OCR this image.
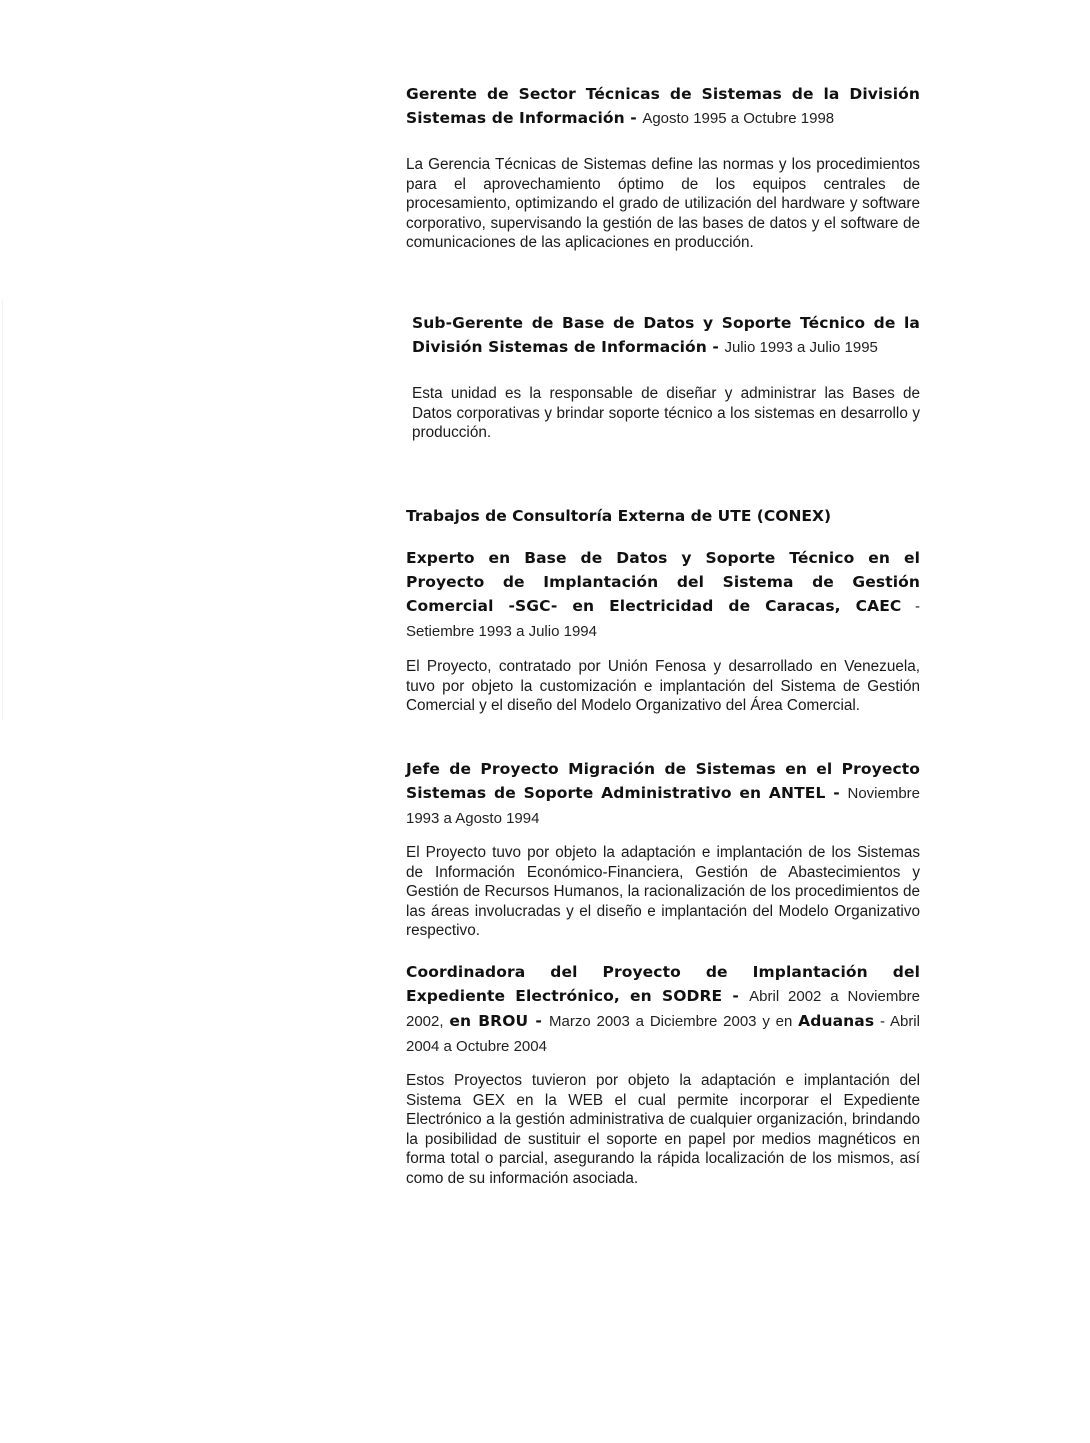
Gerente de Sector Técnicas de Sistemas de la División Sistemas de Información - Agosto 1995 a Octubre 1998
La Gerencia Técnicas de Sistemas define las normas y los procedimientos para el aprovechamiento óptimo de los equipos centrales de procesamiento, optimizando el grado de utilización del hardware y software corporativo, supervisando la gestión de las bases de datos y el software de comunicaciones de las aplicaciones en producción.
Sub-Gerente de Base de Datos y Soporte Técnico de la División Sistemas de Información - Julio 1993 a Julio 1995
Esta unidad es la responsable de diseñar y administrar las Bases de Datos corporativas y brindar soporte técnico a los sistemas en desarrollo y producción.
Trabajos de Consultoría Externa de UTE (CONEX)
Experto en Base de Datos y Soporte Técnico en el Proyecto de Implantación del Sistema de Gestión Comercial -SGC- en Electricidad de Caracas, CAEC - Setiembre 1993 a Julio 1994
El Proyecto, contratado por Unión Fenosa y desarrollado en Venezuela, tuvo por objeto la customización e implantación del Sistema de Gestión Comercial y el diseño del Modelo Organizativo del Área Comercial.
Jefe de Proyecto Migración de Sistemas en el Proyecto Sistemas de Soporte Administrativo en ANTEL - Noviembre 1993 a Agosto 1994
El Proyecto tuvo por objeto la adaptación e implantación de los Sistemas de Información Económico-Financiera, Gestión de Abastecimientos y Gestión de Recursos Humanos, la racionalización de los procedimientos de las áreas involucradas y el diseño e implantación del Modelo Organizativo respectivo.
Coordinadora del Proyecto de Implantación del Expediente Electrónico, en SODRE - Abril 2002 a Noviembre 2002, en BROU - Marzo 2003 a Diciembre 2003 y en Aduanas - Abril 2004 a Octubre 2004
Estos Proyectos tuvieron por objeto la adaptación e implantación del Sistema GEX en la WEB el cual permite incorporar el Expediente Electrónico a la gestión administrativa de cualquier organización, brindando la posibilidad de sustituir el soporte en papel por medios magnéticos en forma total o parcial, asegurando la rápida localización de los mismos, así como de su información asociada.
